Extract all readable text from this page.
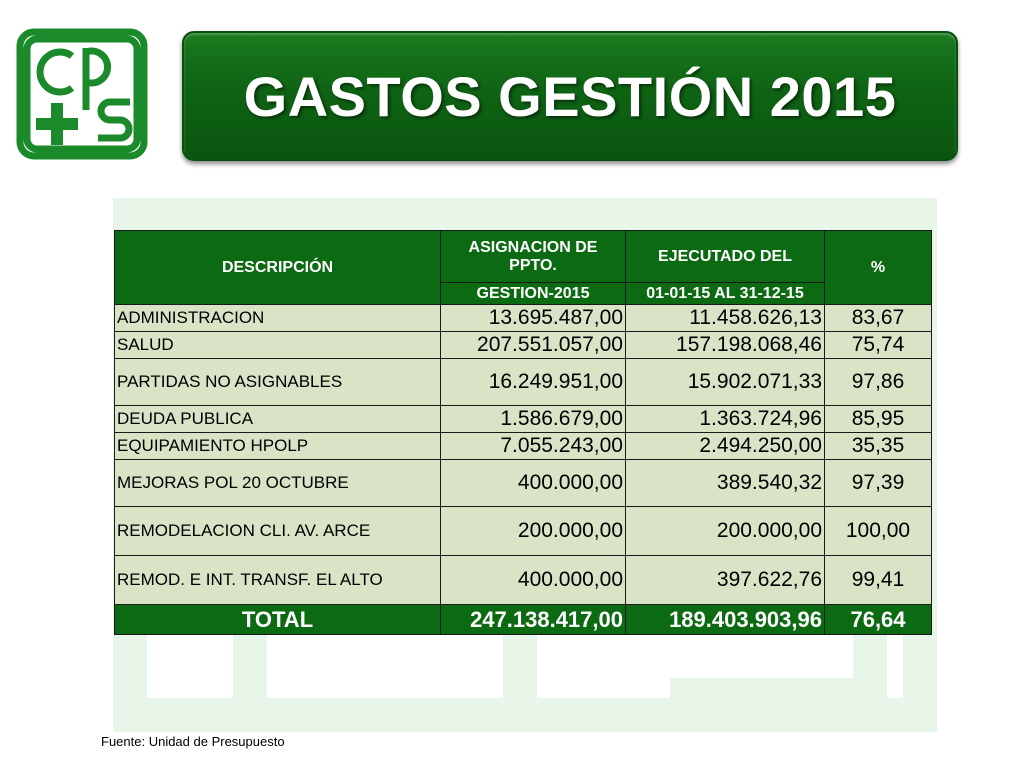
GASTOS GESTIÓN 2015
DESCRIPCIÓN	ASIGNACION DE PPTO.	EJECUTADO DEL	%
	GESTION-2015	01-01-15 AL 31-12-15	
ADMINISTRACION	13.695.487,00	11.458.626,13	83,67
SALUD	207.551.057,00	157.198.068,46	75,74
PARTIDAS NO ASIGNABLES	16.249.951,00	15.902.071,33	97,86
DEUDA PUBLICA	1.586.679,00	1.363.724,96	85,95
EQUIPAMIENTO HPOLP	7.055.243,00	2.494.250,00	35,35
MEJORAS POL 20 OCTUBRE	400.000,00	389.540,32	97,39
REMODELACION CLI. AV. ARCE	200.000,00	200.000,00	100,00
REMOD. E INT. TRANSF. EL ALTO	400.000,00	397.622,76	99,41
TOTAL	247.138.417,00	189.403.903,96	76,64
Fuente: Unidad de Presupuesto
